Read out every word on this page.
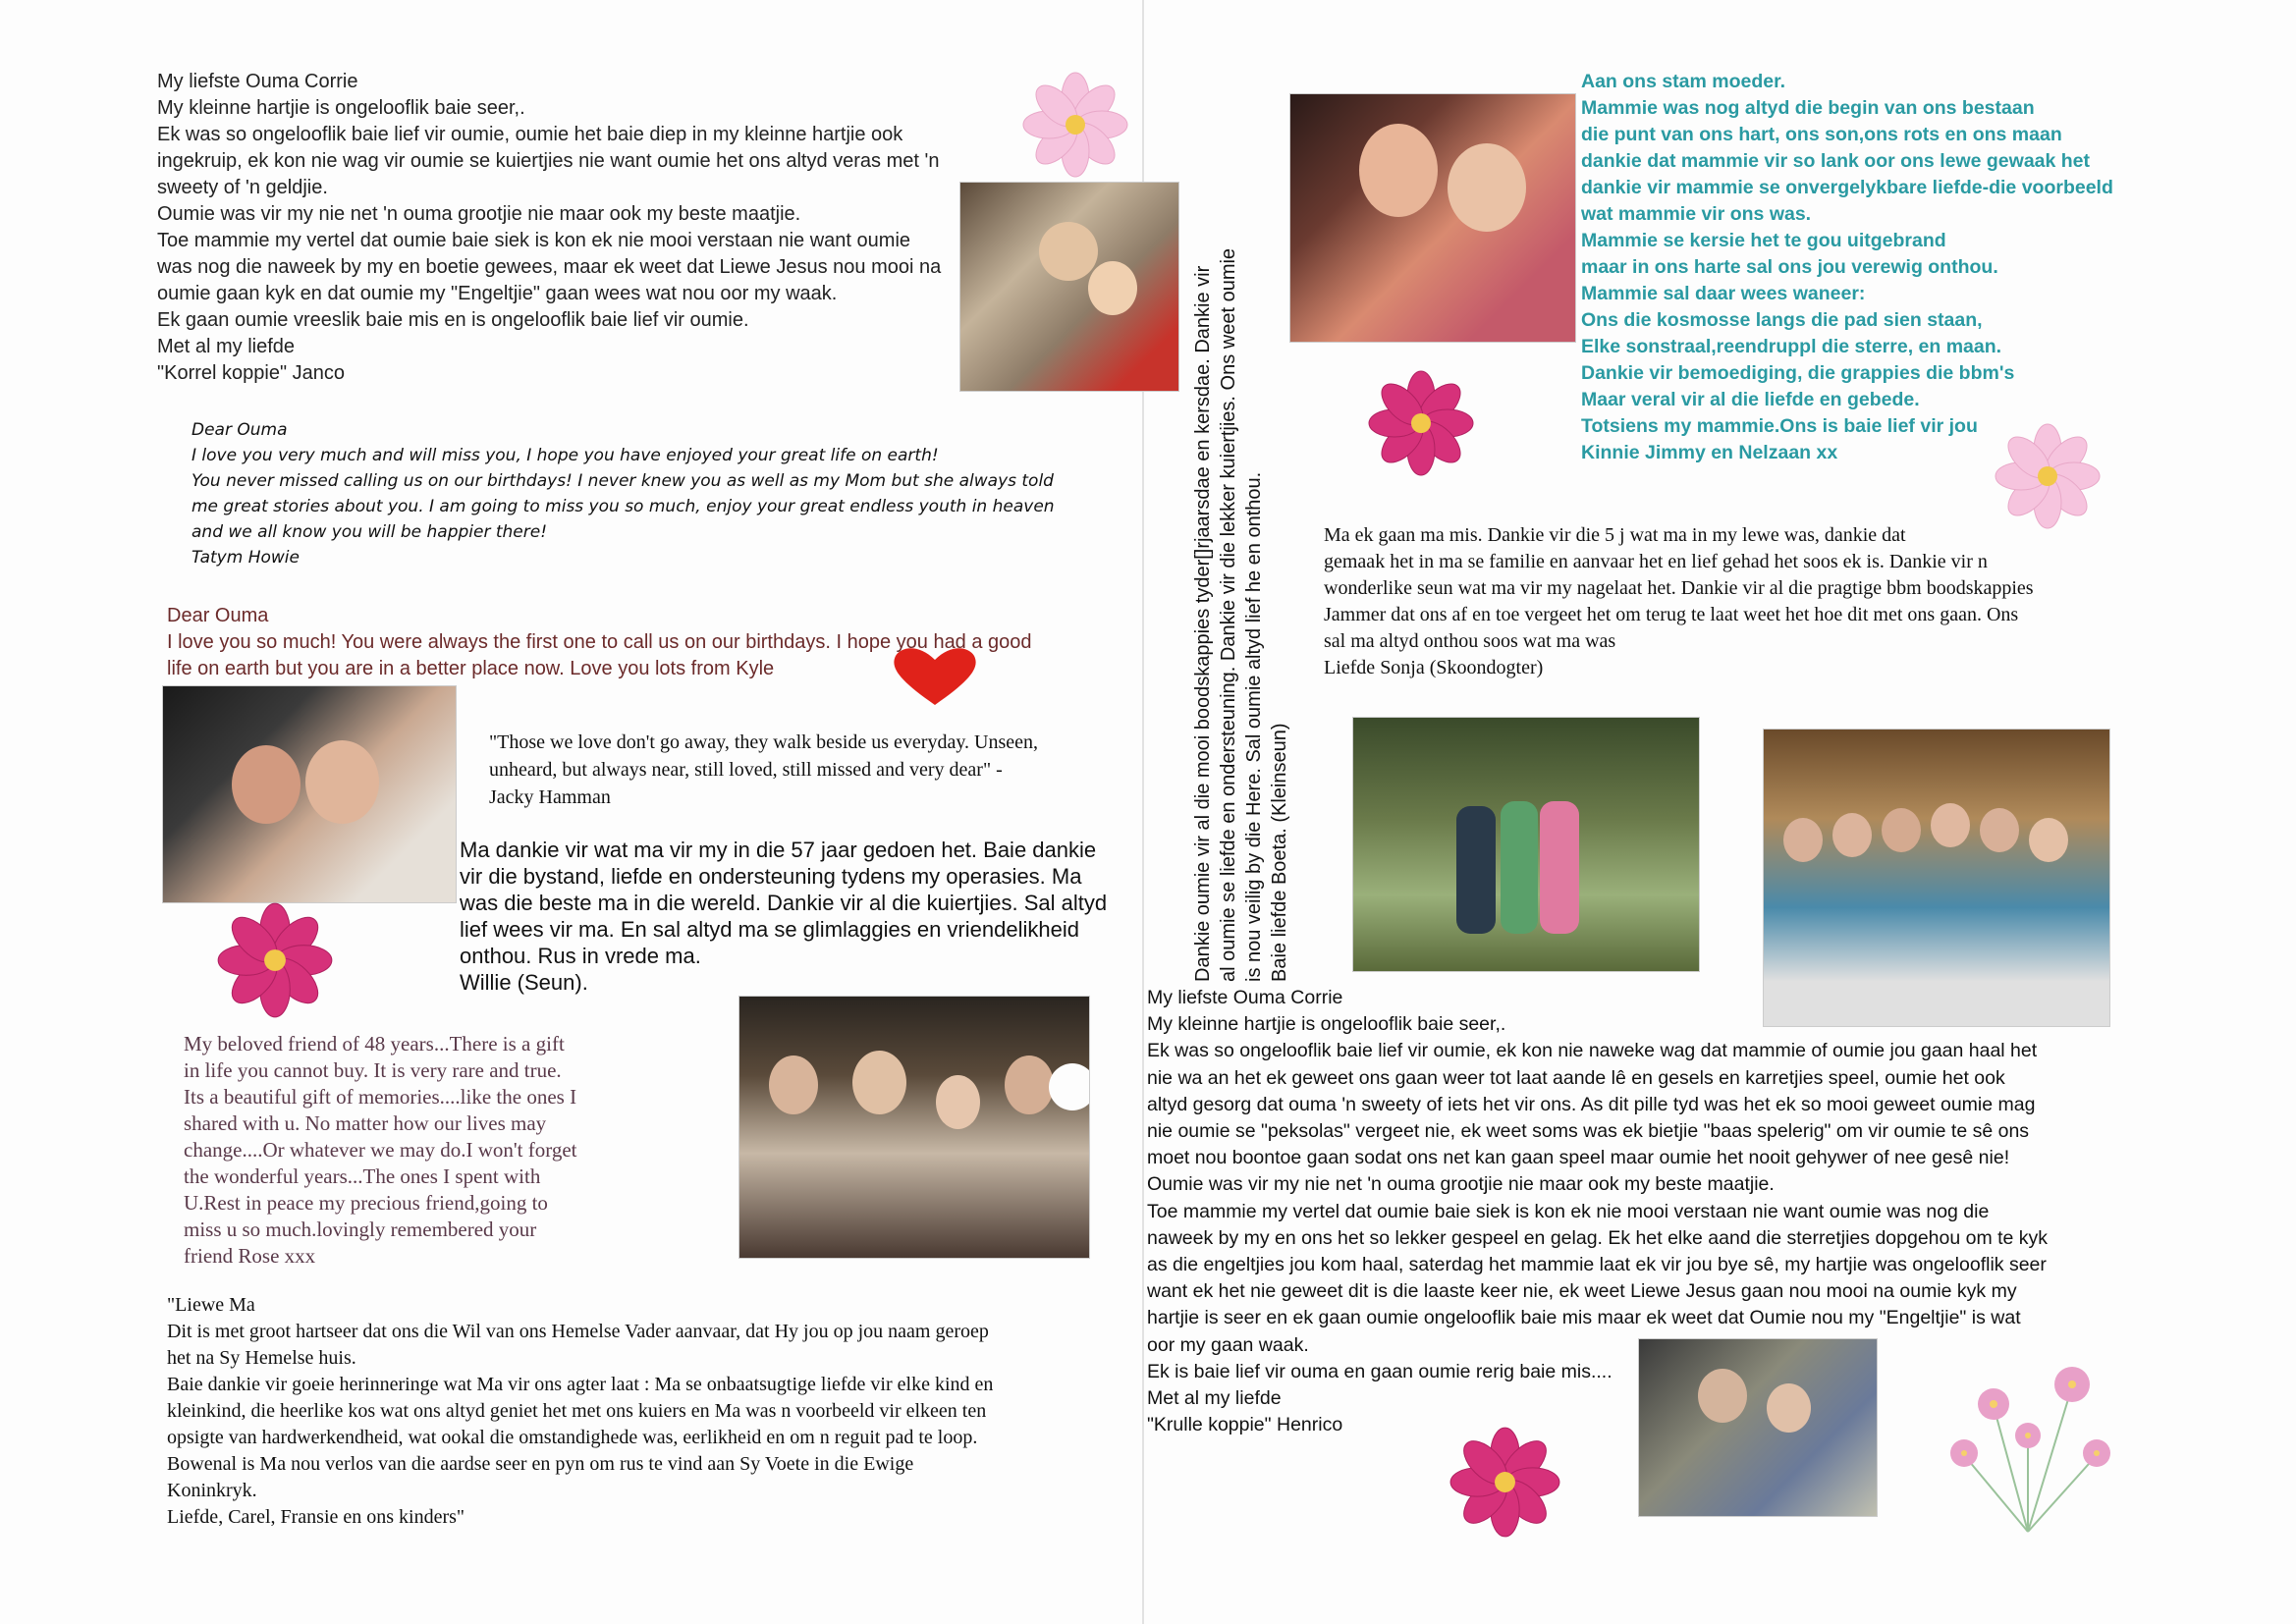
My liefste Ouma Corrie
My kleinne hartjie is ongelooflik baie seer,.
Ek was so ongelooflik baie lief vir oumie, oumie het baie diep in my kleinne hartjie ook
ingekruip, ek kon nie wag vir oumie se kuiertjies nie want oumie het ons altyd veras met 'n
sweety of 'n geldjie.
Oumie was vir my nie net 'n ouma grootjie nie maar ook my beste maatjie.
Toe mammie my vertel dat oumie baie siek is kon ek nie mooi verstaan nie want oumie
was nog die naweek by my en boetie gewees, maar ek weet dat Liewe Jesus nou mooi na
oumie gaan kyk en dat oumie my "Engeltjie" gaan wees wat nou oor my waak.
Ek gaan oumie vreeslik baie mis en is ongelooflik baie lief vir oumie.
Met al my liefde
"Korrel koppie" Janco
Dear Ouma
I love you very much and will miss you, I hope you have enjoyed your great life on earth!
You never missed calling us on our birthdays! I never knew you as well as my Mom but she always told
me great stories about you. I am going to miss you so much, enjoy your great endless youth in heaven
and we all know you will be happier there!
Tatym Howie
Dear Ouma
I love you so much! You were always the first one to call us on our birthdays. I hope you had a good
life on earth but you are in a better place now. Love you lots from Kyle
"Those we love don't go away, they walk beside us everyday. Unseen,
unheard, but always near, still loved, still missed and very dear" -
Jacky Hamman
Ma dankie vir wat ma vir my in die 57 jaar gedoen het. Baie dankie
vir die bystand, liefde en ondersteuning tydens my operasies. Ma
was die beste ma in die wereld. Dankie vir al die kuiertjies. Sal altyd
lief wees vir ma. En sal altyd ma se glimlaggies en vriendelikheid
onthou. Rus in vrede ma.
Willie (Seun).
My beloved friend of 48 years...There is a gift
in life you cannot buy. It is very rare and true.
Its a beautiful gift of memories....like the ones I
shared with u. No matter how our lives may
change....Or whatever we may do.I won't forget
the wonderful years...The ones I spent with
U.Rest in peace my precious friend,going to
miss u so much.lovingly remembered your
friend Rose xxx
"Liewe Ma
Dit is met groot hartseer dat ons die Wil van ons Hemelse Vader aanvaar, dat Hy jou op jou naam geroep
het na Sy Hemelse huis.
Baie dankie vir goeie herinneringe wat Ma vir ons agter laat : Ma se onbaatsugtige liefde vir elke kind en
kleinkind, die heerlike kos wat ons altyd geniet het met ons kuiers en Ma was n voorbeeld vir elkeen ten
opsigte van hardwerkendheid, wat ookal die omstandighede was, eerlikheid en om n reguit pad te loop.
Bowenal is Ma nou verlos van die aardse seer en pyn om rus te vind aan Sy Voete in die Ewige
Koninkryk.
Liefde, Carel, Fransie en ons kinders"
Dankie oumie vir al die mooi boodskappies tyder[]rjaarsdae en kersdae. Dankie vir al oumie se liefde en ondersteuning. Dankie vir die lekker kuiertjies. Ons weet oumie is nou veilig by die Here. Sal oumie altyd lief he en onthou. Baie liefde Boeta. (Kleinseun)
Aan ons stam moeder.
Mammie was nog altyd die begin van ons bestaan
die punt van ons hart, ons son,ons rots en ons maan
dankie dat mammie vir so lank oor ons lewe gewaak het
dankie vir mammie se onvergelykbare liefde-die voorbeeld
wat mammie vir ons was.
Mammie se kersie het te gou uitgebrand
maar in ons harte sal ons jou verewig onthou.
Mammie sal daar wees waneer:
Ons die kosmosse langs die pad sien staan,
Elke sonstraal,reendruppl die sterre, en maan.
Dankie vir bemoediging, die grappies die bbm's
Maar veral vir al die liefde en gebede.
Totsiens my mammie.Ons is baie lief vir jou
Kinnie Jimmy en Nelzaan xx
Ma ek gaan ma mis. Dankie vir die 5 j wat ma in my lewe was, dankie dat
gemaak het in ma se familie en aanvaar het en lief gehad het soos ek is. Dankie vir n
wonderlike seun wat ma vir my nagelaat het. Dankie vir al die pragtige bbm boodskappies
Jammer dat ons af en toe vergeet het om terug te laat weet het hoe dit met ons gaan. Ons
sal ma altyd onthou soos wat ma was
Liefde Sonja (Skoondogter)
My liefste Ouma Corrie
My kleinne hartjie is ongelooflik baie seer,.
Ek was so ongelooflik baie lief vir oumie, ek kon nie naweke wag dat mammie of oumie jou gaan haal het
nie wa an het ek geweet ons gaan weer tot laat aande lê en gesels en karretjies speel, oumie het ook
altyd gesorg dat ouma 'n sweety of iets het vir ons. As dit pille tyd was het ek so mooi geweet oumie mag
nie oumie se "peksolas" vergeet nie, ek weet soms was ek bietjie "baas spelerig" om vir oumie te sê ons
moet nou boontoe gaan sodat ons net kan gaan speel maar oumie het nooit gehywer of nee gesê nie!
Oumie was vir my nie net 'n ouma grootjie nie maar ook my beste maatjie.
Toe mammie my vertel dat oumie baie siek is kon ek nie mooi verstaan nie want oumie was nog die
naweek by my en ons het so lekker gespeel en gelag. Ek het elke aand die sterretjies dopgehou om te kyk
as die engeltjies jou kom haal, saterdag het mammie laat ek vir jou bye sê, my hartjie was ongelooflik seer
want ek het nie geweet dit is die laaste keer nie, ek weet Liewe Jesus gaan nou mooi na oumie kyk my
hartjie is seer en ek gaan oumie ongelooflik baie mis maar ek weet dat Oumie nou my "Engeltjie" is wat
oor my gaan waak.
Ek is baie lief vir ouma en gaan oumie rerig baie mis....
Met al my liefde
"Krulle koppie" Henrico
